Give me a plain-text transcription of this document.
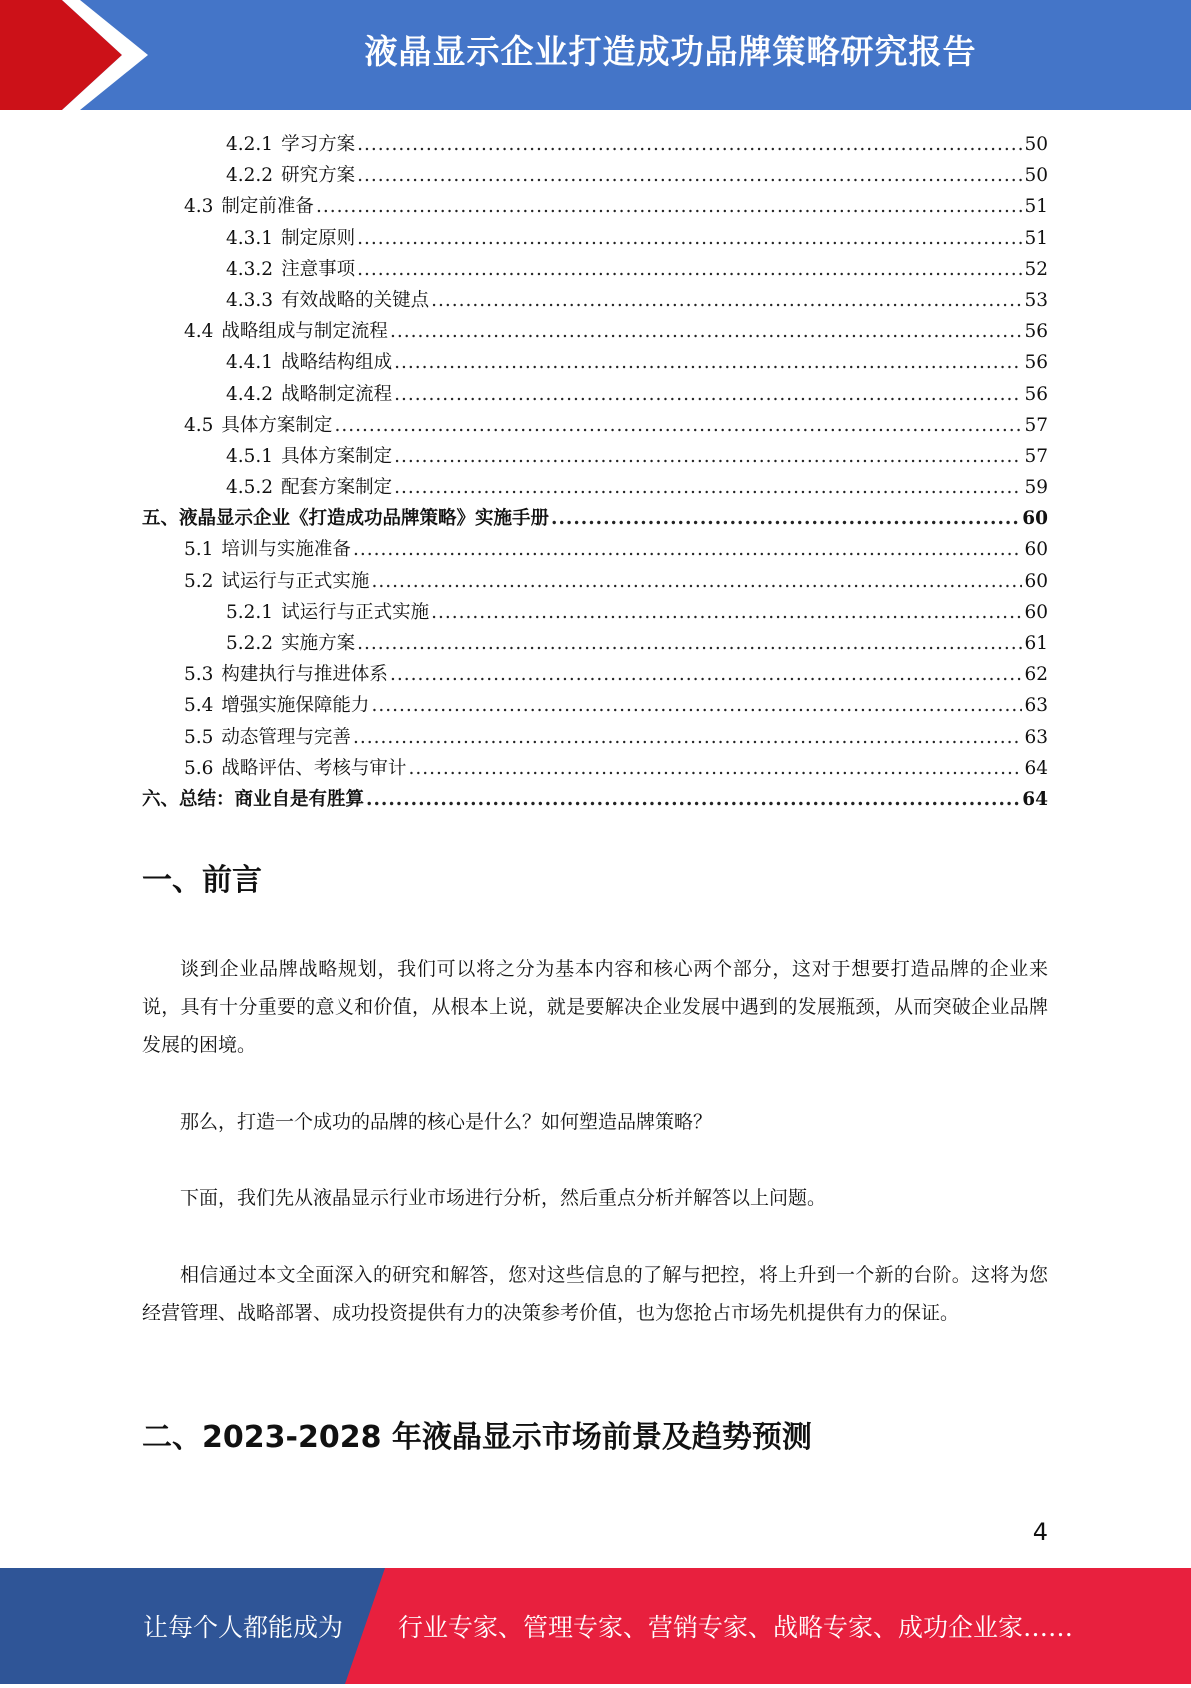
液晶显示企业打造成功品牌策略研究报告
4.2.1 学习方案 .....	50
4.2.2 研究方案 .....	50
4.3 制定前准备 .....	51
4.3.1 制定原则 .....	51
4.3.2 注意事项 .....	52
4.3.3 有效战略的关键点 .....	53
4.4 战略组成与制定流程 .....	56
4.4.1 战略结构组成 .....	56
4.4.2 战略制定流程 .....	56
4.5 具体方案制定 .....	57
4.5.1 具体方案制定 .....	57
4.5.2 配套方案制定 .....	59
五、液晶显示企业《打造成功品牌策略》实施手册 .....	60
5.1 培训与实施准备 .....	60
5.2 试运行与正式实施 .....	60
5.2.1 试运行与正式实施 .....	60
5.2.2 实施方案 .....	61
5.3 构建执行与推进体系 .....	62
5.4 增强实施保障能力 .....	63
5.5 动态管理与完善 .....	63
5.6 战略评估、考核与审计 .....	64
六、总结：商业自是有胜算 .....	64
一、前言

谈到企业品牌战略规划，我们可以将之分为基本内容和核心两个部分，这对于想要打造品牌的企业来说，具有十分重要的意义和价值，从根本上说，就是要解决企业发展中遇到的发展瓶颈，从而突破企业品牌发展的困境。

那么，打造一个成功的品牌的核心是什么？如何塑造品牌策略？

下面，我们先从液晶显示行业市场进行分析，然后重点分析并解答以上问题。

相信通过本文全面深入的研究和解答，您对这些信息的了解与把控，将上升到一个新的台阶。这将为您经营管理、战略部署、成功投资提供有力的决策参考价值，也为您抢占市场先机提供有力的保证。

二、2023-2028 年液晶显示市场前景及趋势预测
4
让每个人都能成为 行业专家、管理专家、营销专家、战略专家、成功企业家……
